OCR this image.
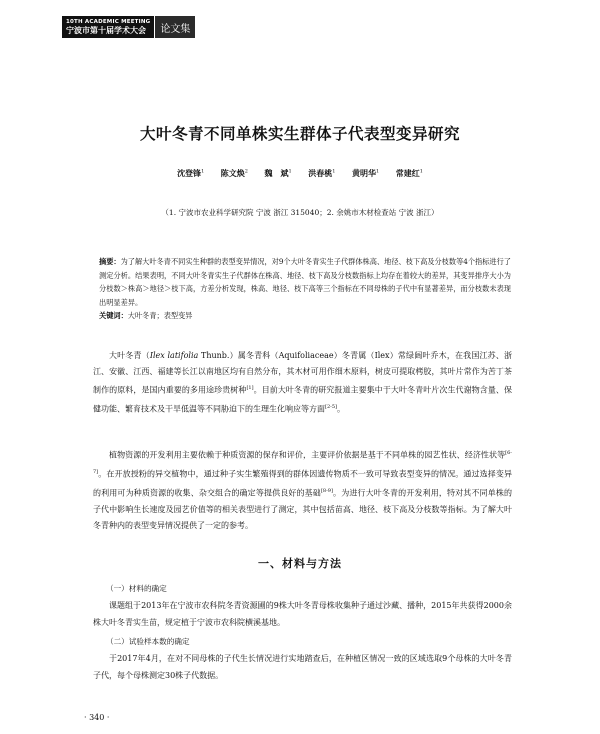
10TH ACADEMIC MEETING
宁波市第十届学术大会	论文集
大叶冬青不同单株实生群体子代表型变异研究
沈登锋$^1$ 陈文焕$^2$ 魏　斌$^1$ 洪春桃$^1$ 黄明华$^1$ 常建红$^1$
（1. 宁波市农业科学研究院 宁波 浙江 315040；2. 余姚市木材检查站 宁波 浙江）
摘要：为了解大叶冬青不同实生种群的表型变异情况，对9个大叶冬青实生子代群体株高、地径、枝下高及分枝数等4个指标进行了测定分析。结果表明，不同大叶冬青实生子代群体在株高、地径、枝下高及分枝数指标上均存在着较大的差异，其变异排序大小为分枝数＞株高＞地径＞枝下高，方差分析发现，株高、地径、枝下高等三个指标在不同母株的子代中有显著差异，而分枝数未表现出明显差异。
关键词：大叶冬青；表型变异

大叶冬青（Ilex latifolia Thunb.）属冬青科（Aquifoliaceae）冬青属（Ilex）常绿阔叶乔木，在我国江苏、浙江、安徽、江西、福建等长江以南地区均有自然分布，其木材可用作细木原料，树皮可提取栲胶，其叶片常作为苦丁茶制作的原料，是国内重要的多用途珍贵树种[1]。目前大叶冬青的研究报道主要集中于大叶冬青叶片次生代谢物含量、保健功能、繁育技术及干旱低温等不同胁迫下的生理生化响应等方面[2-5]。

植物资源的开发利用主要依赖于种质资源的保存和评价，主要评价依据是基于不同单株的园艺性状、经济性状等[6-7]。在开放授粉的异交植物中，通过种子实生繁殖得到的群体因遗传物质不一致可导致表型变异的情况。通过选择变异的利用可为种质资源的收集、杂交组合的确定等提供良好的基础[8-9]。为进行大叶冬青的开发利用，特对其不同单株的子代中影响生长速度及园艺价值等的相关表型进行了测定，其中包括苗高、地径、枝下高及分枝数等指标。为了解大叶冬青种内的表型变异情况提供了一定的参考。

一、材料与方法
（一）材料的确定

课题组于2013年在宁波市农科院冬青资源圃的9株大叶冬青母株收集种子通过沙藏、播种，2015年共获得2000余株大叶冬青实生苗，规定植于宁波市农科院横溪基地。

（二）试验样本数的确定

于2017年4月，在对不同母株的子代生长情况进行实地踏查后，在种植区情况一致的区域选取9个母株的大叶冬青子代，每个母株测定30株子代数据。

· 340 ·
